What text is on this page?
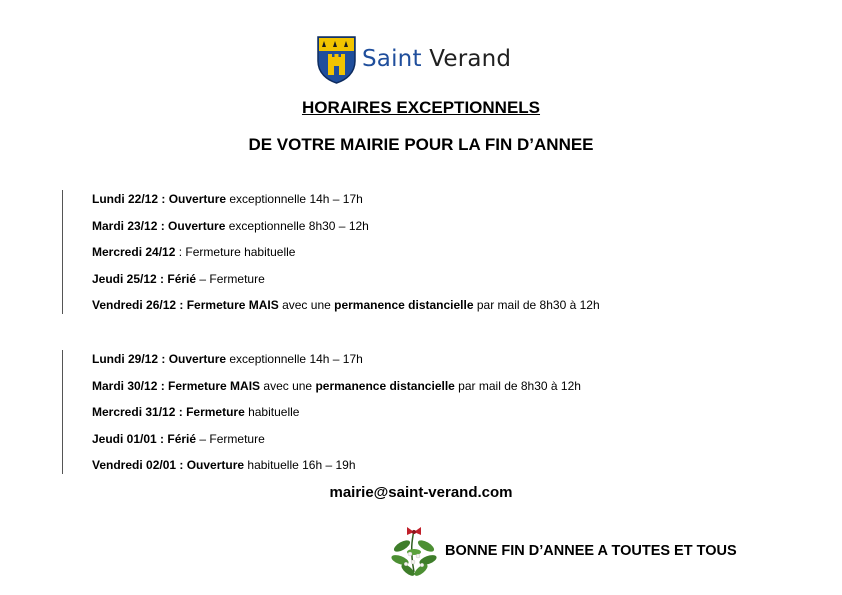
Saint Verand
HORAIRES EXCEPTIONNELS
DE VOTRE MAIRIE POUR LA FIN D’ANNEE
Lundi 22/12 : Ouverture exceptionnelle 14h – 17h
Mardi 23/12 : Ouverture exceptionnelle 8h30 – 12h
Mercredi 24/12 : Fermeture habituelle
Jeudi 25/12 : Férié – Fermeture
Vendredi 26/12 : Fermeture MAIS avec une permanence distancielle par mail de 8h30 à 12h
Lundi 29/12 : Ouverture exceptionnelle 14h – 17h
Mardi 30/12 : Fermeture MAIS avec une permanence distancielle par mail de 8h30 à 12h
Mercredi 31/12 : Fermeture habituelle
Jeudi 01/01 : Férié – Fermeture
Vendredi 02/01 : Ouverture habituelle 16h – 19h
mairie@saint-verand.com
BONNE FIN D’ANNEE A TOUTES ET TOUS
